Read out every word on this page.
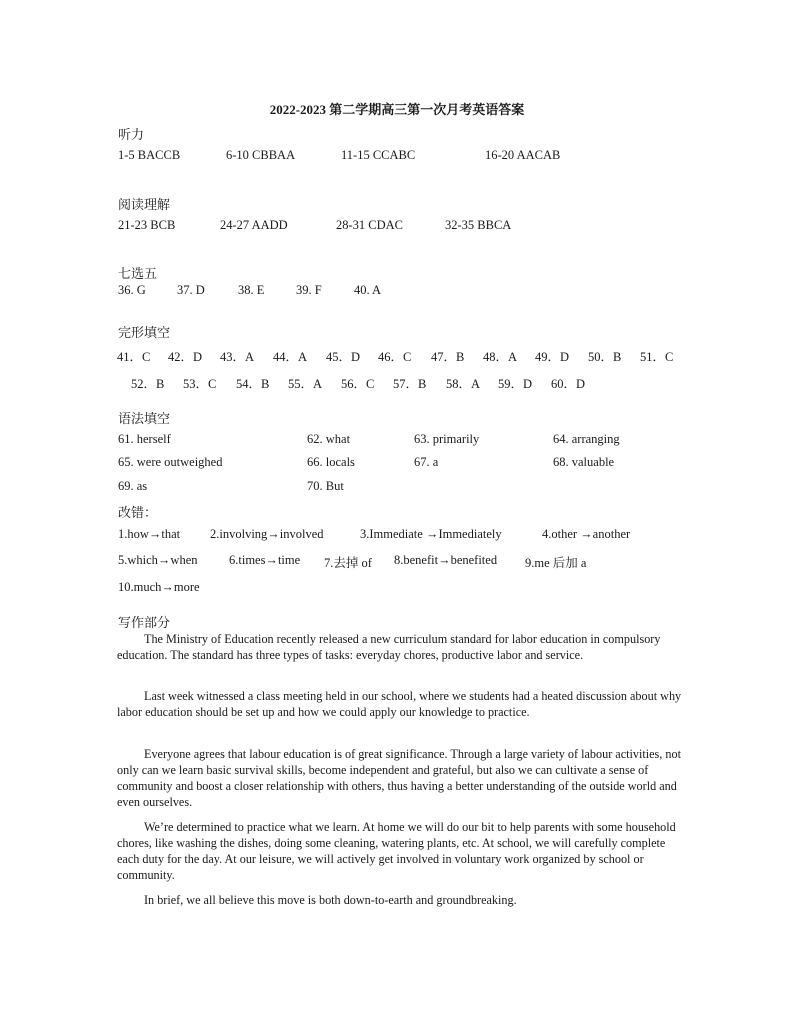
2022-2023 第二学期高三第一次月考英语答案
听力
1-5 BACCB	6-10 CBBAA	11-15 CCABC	16-20 AACAB
阅读理解
21-23 BCB	24-27 AADD	28-31 CDAC	32-35 BBCA
七选五
36. G 37. D	38. E	39. F	40. A
完形填空
41．C 42．D 43．A 44．A 45．D 46．C 47．B 48．A 49．D 50．B 51．C
52．B 53．C 54．B 55．A 56．C 57．B 58．A 59．D 60．D
语法填空
61. herself	62. what	63. primarily	64. arranging
65. were outweighed	66. locals	67. a	68. valuable
69. as	70. But
改错：
1.how→that 2.involving→involved	3.Immediate →Immediately	4.other →another
5.which→when	6.times→time 7.去掉 of 8.benefit→benefited 9.me 后加 a
10.much→more
写作部分
The Ministry of Education recently released a new curriculum standard for labor education in compulsory education. The standard has three types of tasks: everyday chores, productive labor and service.
Last week witnessed a class meeting held in our school, where we students had a heated discussion about why labor education should be set up and how we could apply our knowledge to practice.
Everyone agrees that labour education is of great significance. Through a large variety of labour activities, not only can we learn basic survival skills, become independent and grateful, but also we can cultivate a sense of community and boost a closer relationship with others, thus having a better understanding of the outside world and even ourselves.
We’re determined to practice what we learn. At home we will do our bit to help parents with some household chores, like washing the dishes, doing some cleaning, watering plants, etc. At school, we will carefully complete each duty for the day. At our leisure, we will actively get involved in voluntary work organized by school or community.
In brief, we all believe this move is both down-to-earth and groundbreaking.
